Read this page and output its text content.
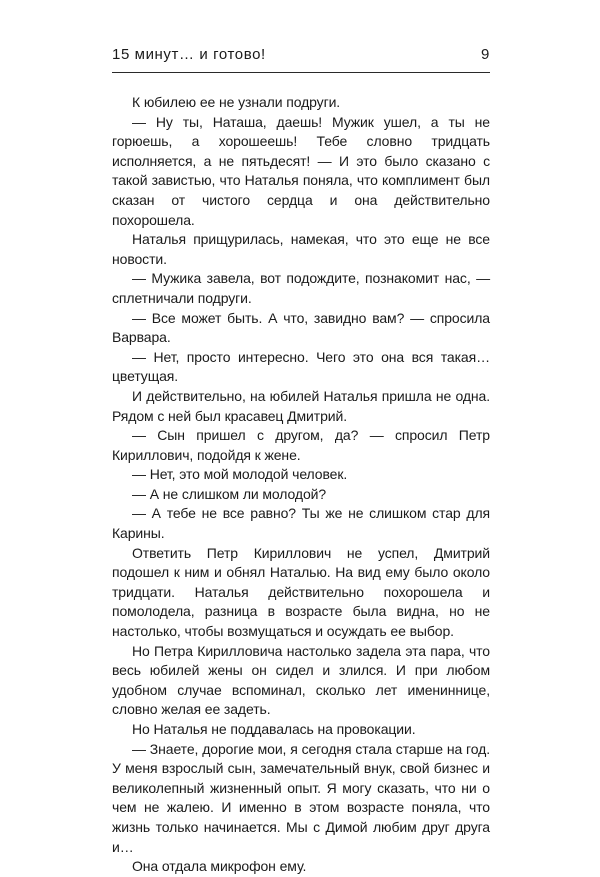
15 минут… и готово!	9

К юбилею ее не узнали подруги.

— Ну ты, Наташа, даешь! Мужик ушел, а ты не горюешь, а хорошеешь! Тебе словно тридцать исполняется, а не пятьдесят! — И это было сказано с такой завистью, что Наталья поняла, что комплимент был сказан от чистого сердца и она действительно похорошела.

Наталья прищурилась, намекая, что это еще не все новости.

— Мужика завела, вот подождите, познакомит нас, — сплетничали подруги.

— Все может быть. А что, завидно вам? — спросила Варвара.

— Нет, просто интересно. Чего это она вся такая… цветущая.

И действительно, на юбилей Наталья пришла не одна. Рядом с ней был красавец Дмитрий.

— Сын пришел с другом, да? — спросил Петр Кириллович, подойдя к жене.

— Нет, это мой молодой человек.

— А не слишком ли молодой?

— А тебе не все равно? Ты же не слишком стар для Карины.

Ответить Петр Кириллович не успел, Дмитрий подошел к ним и обнял Наталью. На вид ему было около тридцати. Наталья действительно похорошела и помолодела, разница в возрасте была видна, но не настолько, чтобы возмущаться и осуждать ее выбор.

Но Петра Кирилловича настолько задела эта пара, что весь юбилей жены он сидел и злился. И при любом удобном случае вспоминал, сколько лет имениннице, словно желая ее задеть.

Но Наталья не поддавалась на провокации.

— Знаете, дорогие мои, я сегодня стала старше на год. У меня взрослый сын, замечательный внук, свой бизнес и великолепный жизненный опыт. Я могу сказать, что ни о чем не жалею. И именно в этом возрасте поняла, что жизнь только начинается. Мы с Димой любим друг друга и…

Она отдала микрофон ему.
